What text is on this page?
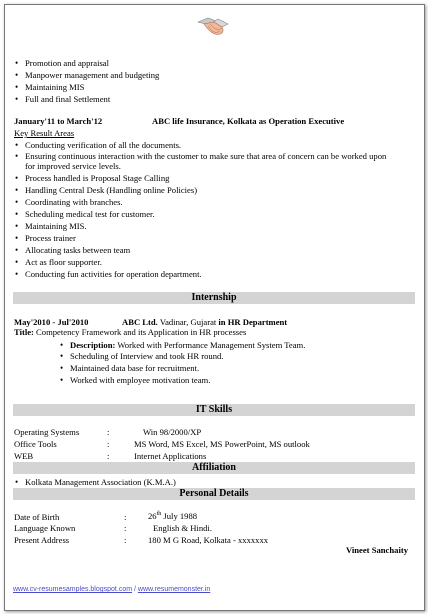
• Promotion and appraisal
• Manpower management and budgeting
• Maintaining MIS
• Full and final Settlement
January'11 to March'12	ABC life Insurance, Kolkata as Operation Executive
Key Result Areas
• Conducting verification of all the documents.
• Ensuring continuous interaction with the customer to make sure that area of concern can be worked upon
for improved service levels.
• Process handled is Proposal Stage Calling
• Handling Central Desk (Handling online Policies)
• Coordinating with branches.
• Scheduling medical test for customer.
• Maintaining MIS.
• Process trainer
• Allocating tasks between team
• Act as floor supporter.
• Conducting fun activities for operation department.
Internship
May'2010 - Jul'2010	ABC Ltd. Vadinar, Gujarat in HR Department
Title: Competency Framework and its Application in HR processes
• Description: Worked with Performance Management System Team.
• Scheduling of Interview and took HR round.
• Maintained data base for recruitment.
• Worked with employee motivation team.
IT Skills
Operating Systems	:	Win 98/2000/XP
Office Tools	:	MS Word, MS Excel, MS PowerPoint, MS outlook
WEB	:	Internet Applications
Affiliation
• Kolkata Management Association (K.M.A.)
Personal Details
Date of Birth	:	26th July 1988
Language Known	:	English & Hindi.
Present Address	:	180 M G Road, Kolkata - xxxxxxx
Vineet Sanchaity
www.cv-resumesamples.blogspot.com / www.resumemonster.in
